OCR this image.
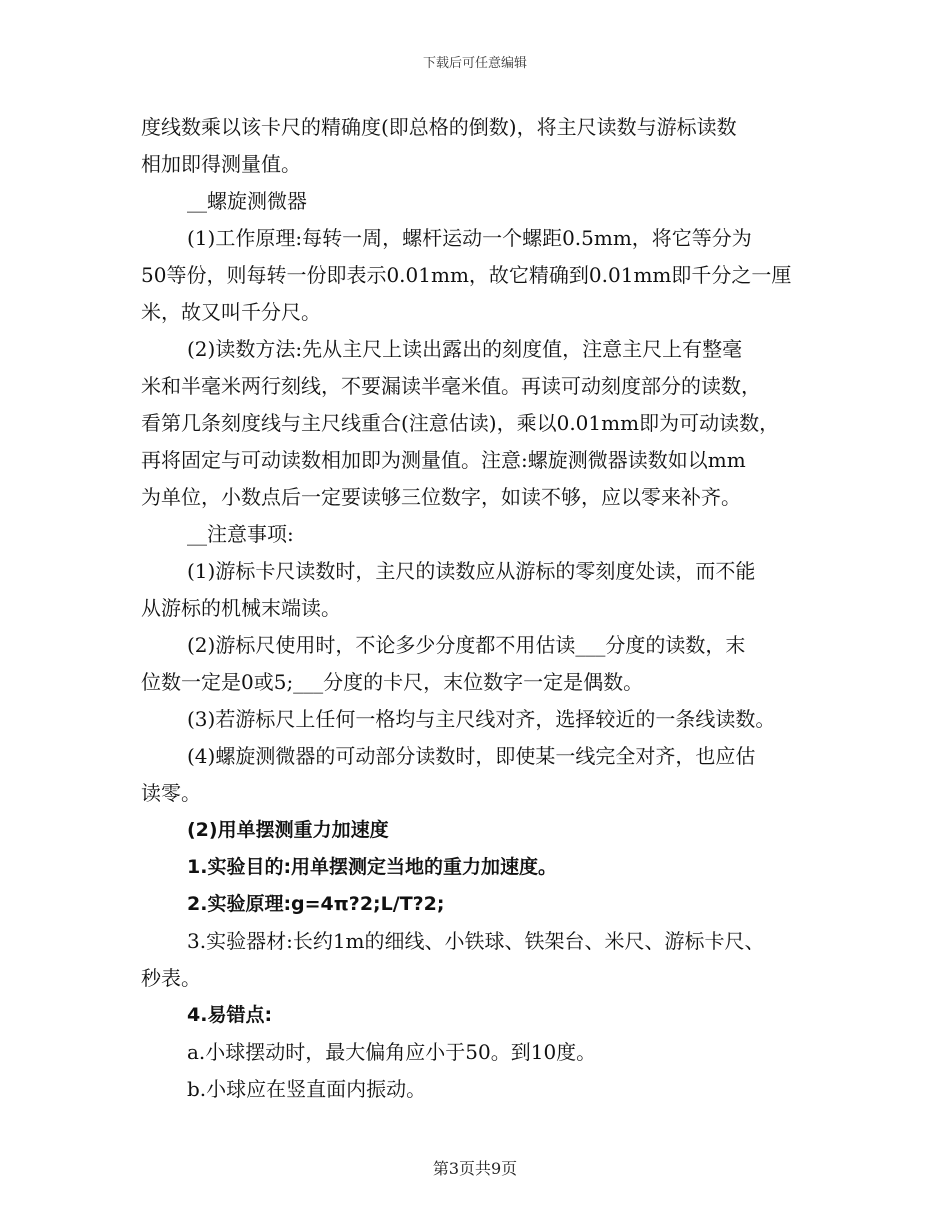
下载后可任意编辑
度线数乘以该卡尺的精确度(即总格的倒数)，将主尺读数与游标读数
相加即得测量值。
__螺旋测微器
(1)工作原理:每转一周，螺杆运动一个螺距0.5mm，将它等分为
50等份，则每转一份即表示0.01mm，故它精确到0.01mm即千分之一厘
米，故又叫千分尺。
(2)读数方法:先从主尺上读出露出的刻度值，注意主尺上有整毫
米和半毫米两行刻线，不要漏读半毫米值。再读可动刻度部分的读数，
看第几条刻度线与主尺线重合(注意估读)，乘以0.01mm即为可动读数，
再将固定与可动读数相加即为测量值。注意:螺旋测微器读数如以mm
为单位，小数点后一定要读够三位数字，如读不够，应以零来补齐。
__注意事项:
(1)游标卡尺读数时，主尺的读数应从游标的零刻度处读，而不能
从游标的机械末端读。
(2)游标尺使用时，不论多少分度都不用估读___分度的读数，末
位数一定是0或5;___分度的卡尺，末位数字一定是偶数。
(3)若游标尺上任何一格均与主尺线对齐，选择较近的一条线读数。
(4)螺旋测微器的可动部分读数时，即使某一线完全对齐，也应估
读零。
(2)用单摆测重力加速度
1.实验目的:用单摆测定当地的重力加速度。
2.实验原理:g=4π?2;L/T?2;
3.实验器材:长约1m的细线、小铁球、铁架台、米尺、游标卡尺、
秒表。
4.易错点:
a.小球摆动时，最大偏角应小于50。到10度。
b.小球应在竖直面内振动。
第3页共9页
